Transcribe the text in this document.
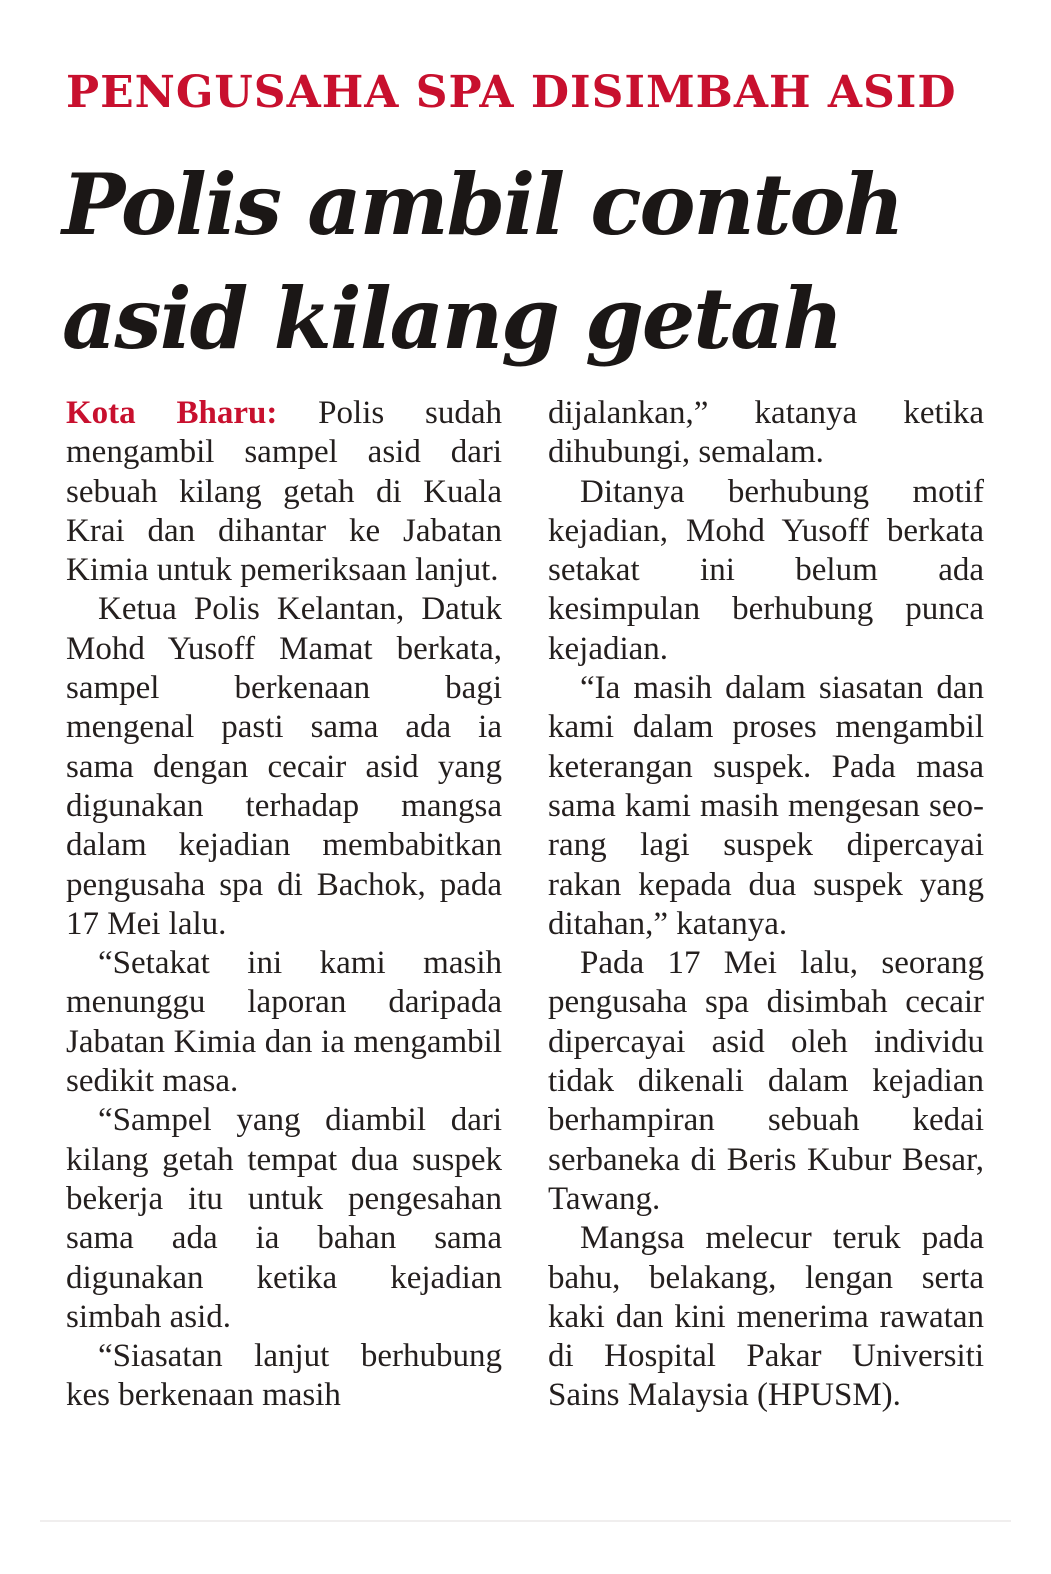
PENGUSAHA SPA DISIMBAH ASID
Polis ambil contoh
asid kilang getah

Kota Bharu: Polis sudah mengambil sampel asid dari sebuah kilang getah di Kuala Krai dan dihantar ke Jabatan Kimia untuk pemeriksaan lanjut.

Ketua Polis Kelantan, Datuk Mohd Yusoff Mamat berkata, sampel berkenaan bagi mengenal pasti sama ada ia sama dengan cecair asid yang digunakan terhadap mangsa dalam kejadian membabitkan pengusaha spa di Bachok, pada 17 Mei lalu.

“Setakat ini kami masih menunggu laporan daripada Jabatan Kimia dan ia mengambil sedikit masa.

“Sampel yang diambil dari kilang getah tempat dua suspek bekerja itu untuk pengesahan sama ada ia bahan sama digunakan ketika kejadian simbah asid.

“Siasatan lanjut berhubung kes berkenaan masih

dijalankan,” katanya ketika dihubungi, semalam.

Ditanya berhubung motif kejadian, Mohd Yusoff berkata setakat ini belum ada kesimpulan berhubung punca kejadian.

“Ia masih dalam siasatan dan kami dalam proses mengambil keterangan suspek. Pada masa sama kami masih mengesan seorang lagi suspek dipercayai rakan kepada dua suspek yang ditahan,” katanya.

Pada 17 Mei lalu, seorang pengusaha spa disimbah cecair dipercayai asid oleh individu tidak dikenali dalam kejadian berhampiran sebuah kedai serbaneka di Beris Kubur Besar, Tawang.

Mangsa melecur teruk pada bahu, belakang, lengan serta kaki dan kini menerima rawatan di Hospital Pakar Universiti Sains Malaysia (HPUSM).
